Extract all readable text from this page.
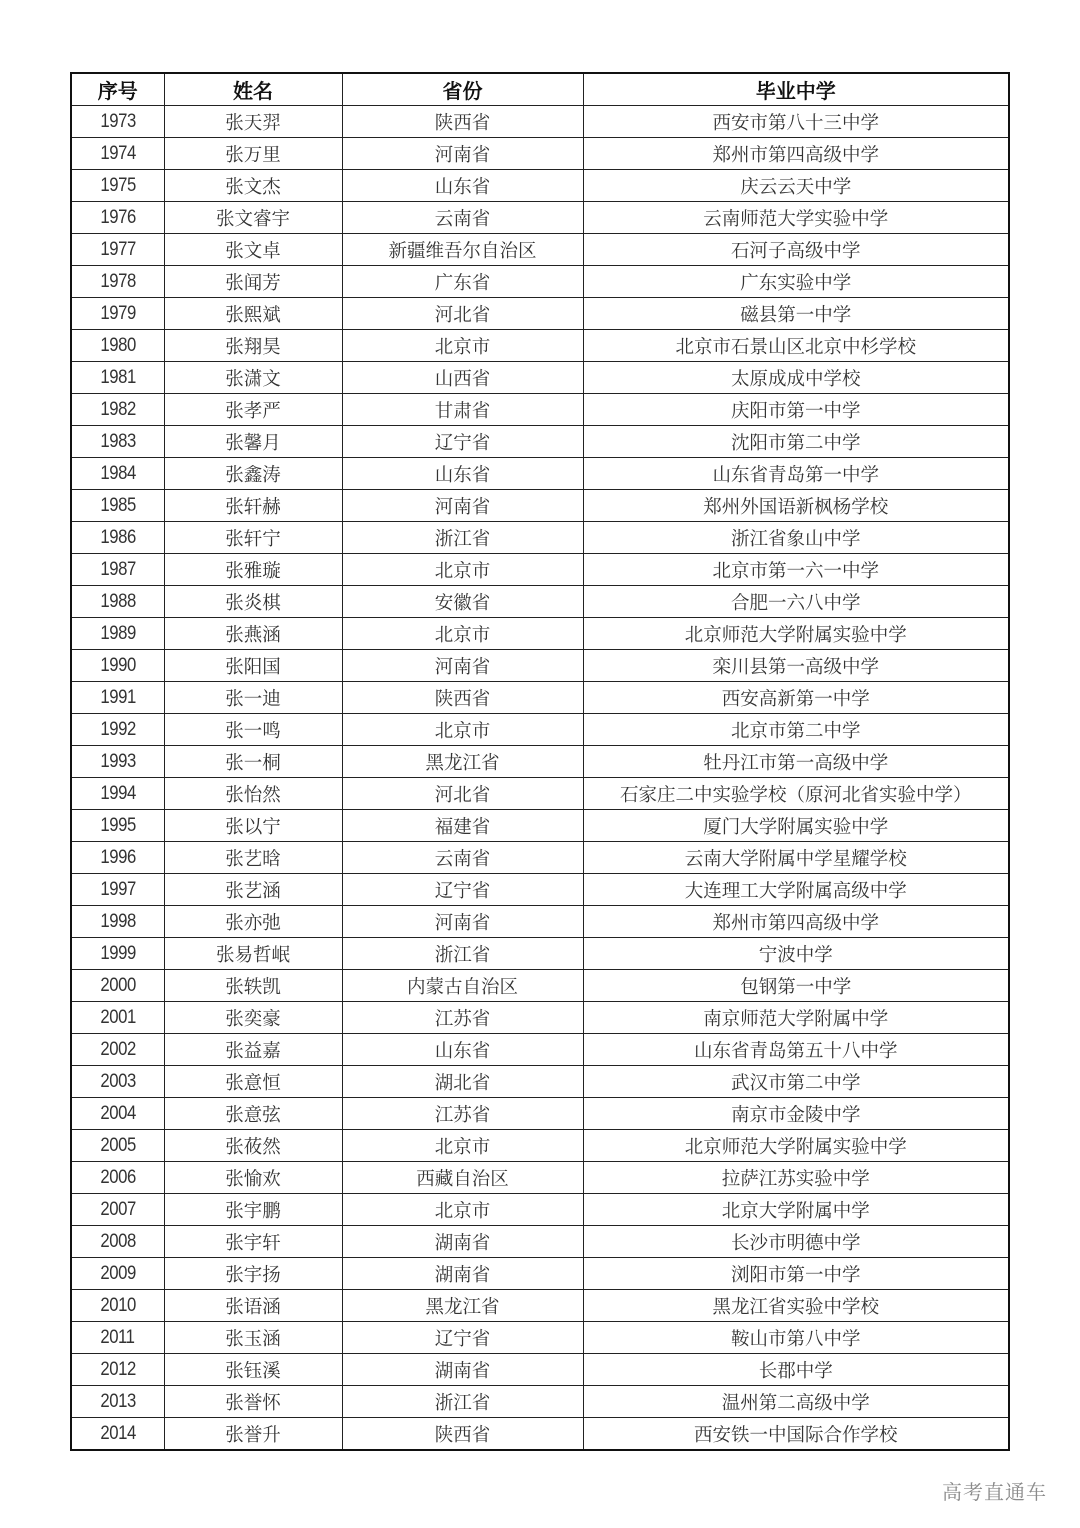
序号	姓名	省份	毕业中学
1973	张天羿	陕西省	西安市第八十三中学
1974	张万里	河南省	郑州市第四高级中学
1975	张文杰	山东省	庆云云天中学
1976	张文睿宇	云南省	云南师范大学实验中学
1977	张文卓	新疆维吾尔自治区	石河子高级中学
1978	张闻芳	广东省	广东实验中学
1979	张熙斌	河北省	磁县第一中学
1980	张翔昊	北京市	北京市石景山区北京中杉学校
1981	张潇文	山西省	太原成成中学校
1982	张孝严	甘肃省	庆阳市第一中学
1983	张馨月	辽宁省	沈阳市第二中学
1984	张鑫涛	山东省	山东省青岛第一中学
1985	张轩赫	河南省	郑州外国语新枫杨学校
1986	张轩宁	浙江省	浙江省象山中学
1987	张雅璇	北京市	北京市第一六一中学
1988	张炎棋	安徽省	合肥一六八中学
1989	张燕涵	北京市	北京师范大学附属实验中学
1990	张阳国	河南省	栾川县第一高级中学
1991	张一迪	陕西省	西安高新第一中学
1992	张一鸣	北京市	北京市第二中学
1993	张一桐	黑龙江省	牡丹江市第一高级中学
1994	张怡然	河北省	石家庄二中实验学校（原河北省实验中学）
1995	张以宁	福建省	厦门大学附属实验中学
1996	张艺晗	云南省	云南大学附属中学星耀学校
1997	张艺涵	辽宁省	大连理工大学附属高级中学
1998	张亦弛	河南省	郑州市第四高级中学
1999	张易哲岷	浙江省	宁波中学
2000	张轶凯	内蒙古自治区	包钢第一中学
2001	张奕豪	江苏省	南京师范大学附属中学
2002	张益嘉	山东省	山东省青岛第五十八中学
2003	张意恒	湖北省	武汉市第二中学
2004	张意弦	江苏省	南京市金陵中学
2005	张莜然	北京市	北京师范大学附属实验中学
2006	张愉欢	西藏自治区	拉萨江苏实验中学
2007	张宇鹏	北京市	北京大学附属中学
2008	张宇轩	湖南省	长沙市明德中学
2009	张宇扬	湖南省	浏阳市第一中学
2010	张语涵	黑龙江省	黑龙江省实验中学校
2011	张玉涵	辽宁省	鞍山市第八中学
2012	张钰溪	湖南省	长郡中学
2013	张誉怀	浙江省	温州第二高级中学
2014	张誉升	陕西省	西安铁一中国际合作学校
高考直通车
